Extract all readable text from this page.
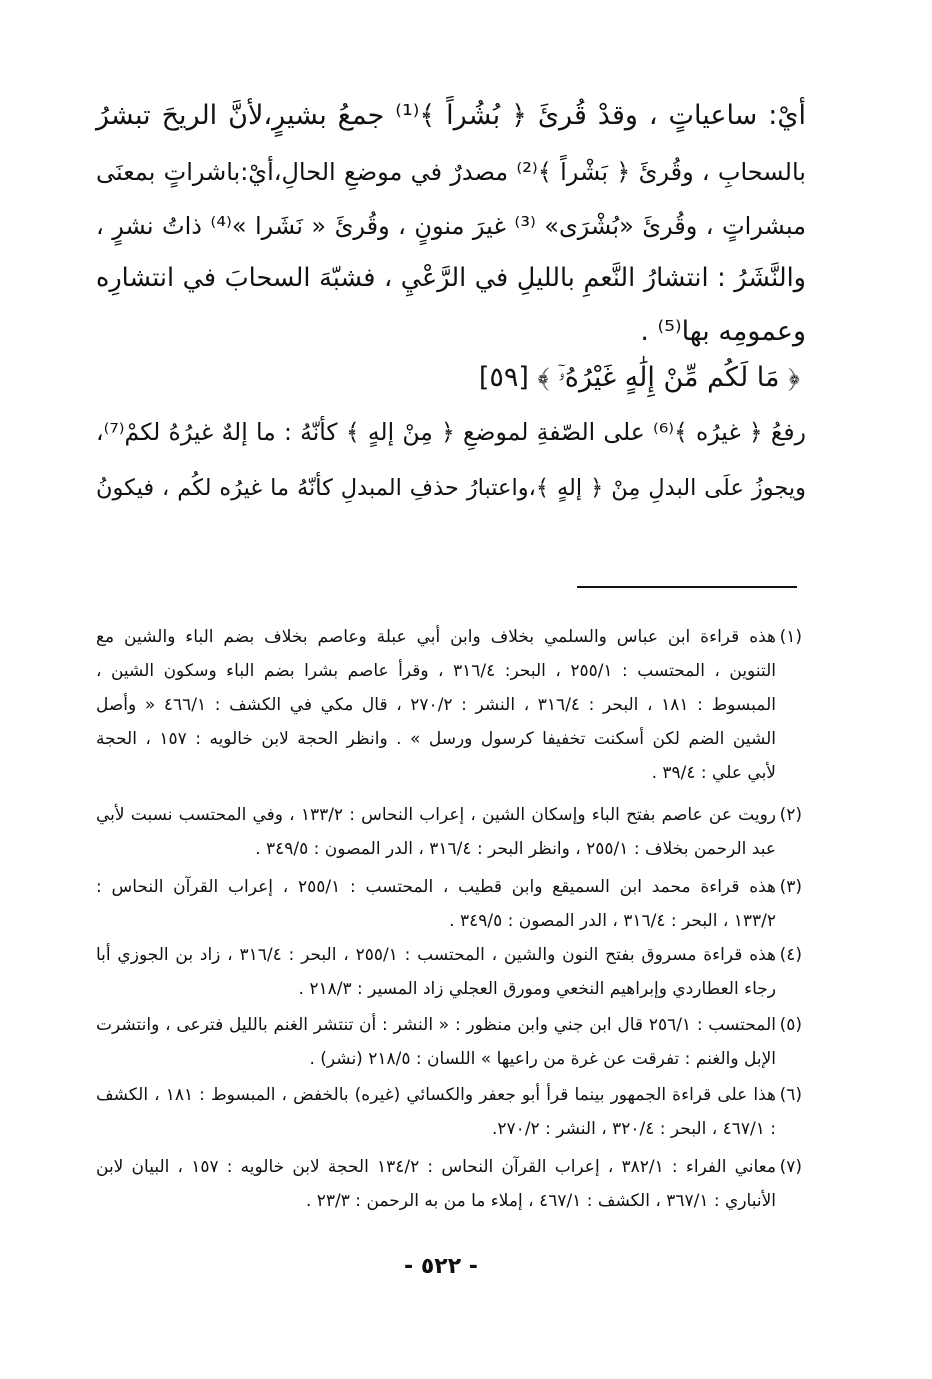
أيْ: ساعياتٍ ، وقدْ قُرئَ ﴿ بُشُراً ﴾⁽¹⁾ جمعُ بشيرٍ،لأنَّ الريحَ تبشرُ
بالسحابِ ، وقُرئَ ﴿ بَشْراً ﴾⁽²⁾ مصدرٌ في موضعِ الحالِ،أيْ:باشراتٍ بمعنَى
مبشراتٍ ، وقُرئَ «بُشْرَى» ⁽³⁾ غيرَ منونٍ ، وقُرئَ « نَشَرا »⁽⁴⁾ ذاتُ نشرٍ ،
والنَّشَرُ : انتشارُ النَّعمِ بالليلِ في الرَّعْيِ ، فشبّهَ السحابَ في انتشارِه
وعمومِه بها⁽⁵⁾ .
﴿ مَا لَكُم مِّنْ إِلَٰهٍ غَيْرُهُۥٓ ﴾ [٥٩]
رفعُ ﴿ غيرُه ﴾⁽⁶⁾ على الصّفةِ لموضعِ ﴿ مِنْ إلهٍ ﴾ كأنّهُ : ما إلهٌ غيرُهُ لكمْ⁽⁷⁾،
ويجوزُ علَى البدلِ مِنْ ﴿ إلهٍ ﴾،واعتبارُ حذفِ المبدلِ كأنّهُ ما غيرُه لكُم ، فيكونُ
(١)
هذه قراءة ابن عباس والسلمي بخلاف وابن أبي عبلة وعاصم بخلاف بضم الباء والشين مع
التنوين ، المحتسب : ٢٥٥/١ ، البحر: ٣١٦/٤ ، وقرأ عاصم بشرا بضم الباء وسكون الشين ،
المبسوط : ١٨١ ، البحر : ٣١٦/٤ ، النشر : ٢٧٠/٢ ، قال مكي في الكشف : ٤٦٦/١ « وأصل
الشين الضم لكن أسكنت تخفيفا كرسول ورسل » . وانظر الحجة لابن خالويه : ١٥٧ ، الحجة
لأبي علي : ٣٩/٤ .
(٢)
رويت عن عاصم بفتح الباء وإسكان الشين ، إعراب النحاس : ١٣٣/٢ ، وفي المحتسب نسبت لأبي
عبد الرحمن بخلاف : ٢٥٥/١ ، وانظر البحر : ٣١٦/٤ ، الدر المصون : ٣٤٩/٥ .
(٣)
هذه قراءة محمد ابن السميقع وابن قطيب ، المحتسب : ٢٥٥/١ ، إعراب القرآن النحاس :
١٣٣/٢ ، البحر : ٣١٦/٤ ، الدر المصون : ٣٤٩/٥ .
(٤)
هذه قراءة مسروق بفتح النون والشين ، المحتسب : ٢٥٥/١ ، البحر : ٣١٦/٤ ، زاد بن الجوزي أبا
رجاء العطاردي وإبراهيم النخعي ومورق العجلي زاد المسير : ٢١٨/٣ .
(٥)
المحتسب : ٢٥٦/١ قال ابن جني وابن منظور : « النشر : أن تنتشر الغنم بالليل فترعى ، وانتشرت
الإبل والغنم : تفرقت عن غرة من راعيها » اللسان : ٢١٨/٥ (نشر) .
(٦)
هذا على قراءة الجمهور بينما قرأ أبو جعفر والكسائي (غيره) بالخفض ، المبسوط : ١٨١ ، الكشف
: ٤٦٧/١ ، البحر : ٣٢٠/٤ ، النشر : ٢٧٠/٢.
(٧)
معاني الفراء : ٣٨٢/١ ، إعراب القرآن النحاس : ١٣٤/٢ الحجة لابن خالويه : ١٥٧ ، البيان لابن
الأنباري : ٣٦٧/١ ، الكشف : ٤٦٧/١ ، إملاء ما من به الرحمن : ٢٣/٣ .
- ٥٢٢ -
